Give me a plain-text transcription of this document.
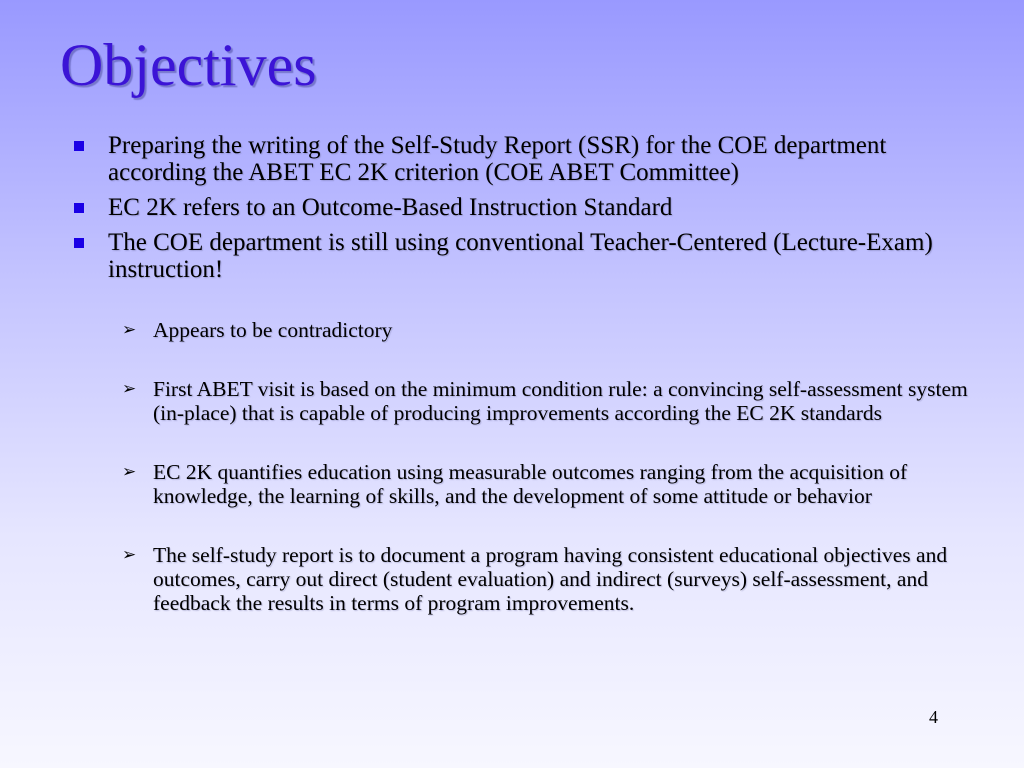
Objectives
Preparing the writing of the Self-Study Report (SSR) for the COE department according the ABET EC 2K criterion (COE ABET Committee)
EC 2K refers to an Outcome-Based Instruction Standard
The COE department is still using conventional Teacher-Centered (Lecture-Exam) instruction!
➢ Appears to be contradictory
➢ First ABET visit is based on the minimum condition rule: a convincing self-assessment system (in-place) that is capable of producing improvements according the EC 2K standards
➢ EC 2K quantifies education using measurable outcomes ranging from the acquisition of knowledge, the learning of skills, and the development of some attitude or behavior
➢ The self-study report is to document a program having consistent educational objectives and outcomes, carry out direct (student evaluation) and indirect (surveys) self-assessment, and feedback the results in terms of program improvements.
4
